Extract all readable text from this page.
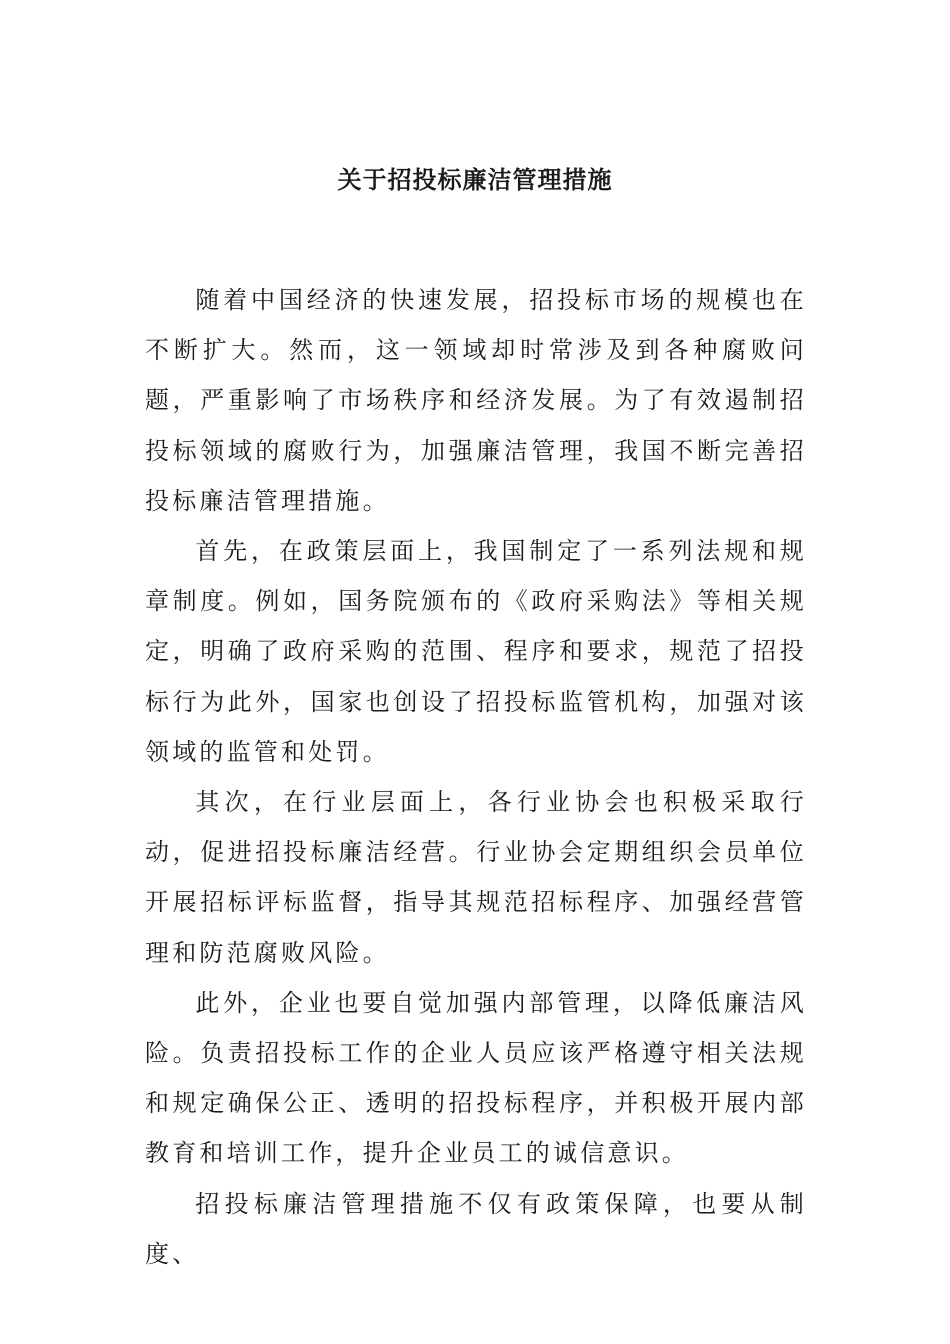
关于招投标廉洁管理措施

随着中国经济的快速发展，招投标市场的规模也在不断扩大。然而，这一领域却时常涉及到各种腐败问题，严重影响了市场秩序和经济发展。为了有效遏制招投标领域的腐败行为，加强廉洁管理，我国不断完善招投标廉洁管理措施。

首先，在政策层面上，我国制定了一系列法规和规章制度。例如，国务院颁布的《政府采购法》等相关规定，明确了政府采购的范围、程序和要求，规范了招投标行为此外，国家也创设了招投标监管机构，加强对该领域的监管和处罚。

其次，在行业层面上，各行业协会也积极采取行动，促进招投标廉洁经营。行业协会定期组织会员单位开展招标评标监督，指导其规范招标程序、加强经营管理和防范腐败风险。

此外，企业也要自觉加强内部管理，以降低廉洁风险。负责招投标工作的企业人员应该严格遵守相关法规和规定确保公正、透明的招投标程序，并积极开展内部教育和培训工作，提升企业员工的诚信意识。

招投标廉洁管理措施不仅有政策保障，也要从制度、
